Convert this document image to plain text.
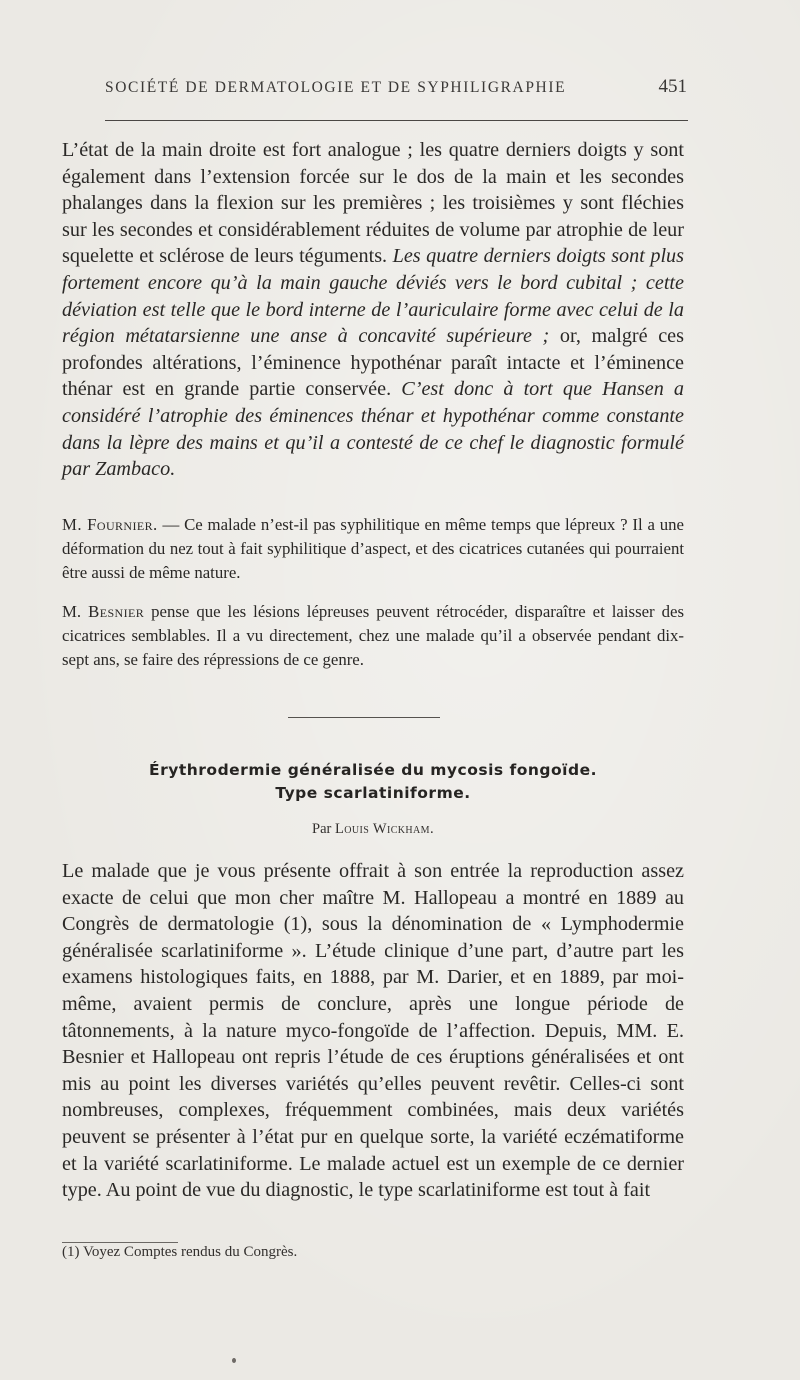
SOCIÉTÉ DE DERMATOLOGIE ET DE SYPHILIGRAPHIE	451

L’état de la main droite est fort analogue ; les quatre derniers doigts y sont également dans l’extension forcée sur le dos de la main et les secondes phalanges dans la flexion sur les premières ; les troisièmes y sont fléchies sur les secondes et considérablement réduites de volume par atrophie de leur squelette et sclérose de leurs téguments. Les quatre derniers doigts sont plus fortement encore qu’à la main gauche déviés vers le bord cubital ; cette déviation est telle que le bord interne de l’auriculaire forme avec celui de la région métatarsienne une anse à concavité supérieure ; or, malgré ces profondes altérations, l’éminence hypothénar paraît intacte et l’éminence thénar est en grande partie conservée. C’est donc à tort que Hansen a considéré l’atrophie des éminences thénar et hypothénar comme constante dans la lèpre des mains et qu’il a contesté de ce chef le diagnostic formulé par Zambaco.

M. Fournier. — Ce malade n’est-il pas syphilitique en même temps que lépreux ? Il a une déformation du nez tout à fait syphilitique d’aspect, et des cicatrices cutanées qui pourraient être aussi de même nature.

M. Besnier pense que les lésions lépreuses peuvent rétrocéder, disparaître et laisser des cicatrices semblables. Il a vu directement, chez une malade qu’il a observée pendant dix-sept ans, se faire des répressions de ce genre.

Érythrodermie généralisée du mycosis fongoïde.

Type scarlatiniforme.

Par Louis Wickham.

Le malade que je vous présente offrait à son entrée la reproduction assez exacte de celui que mon cher maître M. Hallopeau a montré en 1889 au Congrès de dermatologie (1), sous la dénomination de « Lymphodermie généralisée scarlatiniforme ». L’étude clinique d’une part, d’autre part les examens histologiques faits, en 1888, par M. Darier, et en 1889, par moi-même, avaient permis de conclure, après une longue période de tâtonnements, à la nature myco-fongoïde de l’affection. Depuis, MM. E. Besnier et Hallopeau ont repris l’étude de ces éruptions généralisées et ont mis au point les diverses variétés qu’elles peuvent revêtir. Celles-ci sont nombreuses, complexes, fréquemment combinées, mais deux variétés peuvent se présenter à l’état pur en quelque sorte, la variété eczématiforme et la variété scarlatiniforme. Le malade actuel est un exemple de ce dernier type. Au point de vue du diagnostic, le type scarlatiniforme est tout à fait

(1) Voyez Comptes rendus du Congrès.
